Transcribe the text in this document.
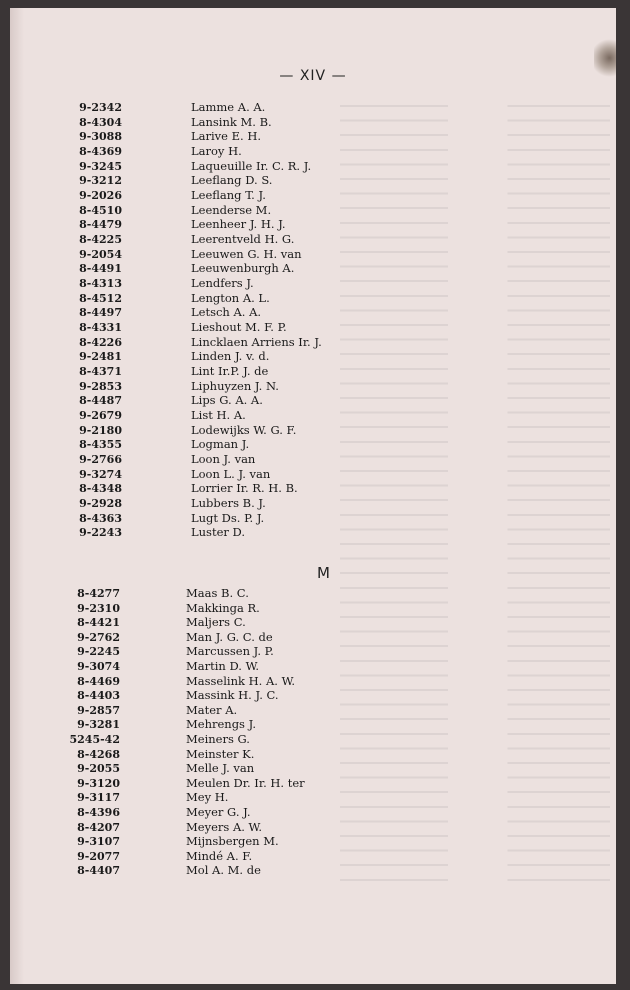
— XIV —
9-2342	Lamme A. A.
8-4304	Lansink M. B.
9-3088	Larive E. H.
8-4369	Laroy H.
9-3245	Laqueuille Ir. C. R. J.
9-3212	Leeflang D. S.
9-2026	Leeflang T. J.
8-4510	Leenderse M.
8-4479	Leenheer J. H. J.
8-4225	Leerentveld H. G.
9-2054	Leeuwen G. H. van
8-4491	Leeuwenburgh A.
8-4313	Lendfers J.
8-4512	Lengton A. L.
8-4497	Letsch A. A.
8-4331	Lieshout M. F. P.
8-4226	Lincklaen Arriens Ir. J.
9-2481	Linden J. v. d.
8-4371	Lint Ir.P. J. de
9-2853	Liphuyzen J. N.
8-4487	Lips G. A. A.
9-2679	List H. A.
9-2180	Lodewijks W. G. F.
8-4355	Logman J.
9-2766	Loon J. van
9-3274	Loon L. J. van
8-4348	Lorrier Ir. R. H. B.
9-2928	Lubbers B. J.
8-4363	Lugt Ds. P. J.
9-2243	Luster D.
8-4277	Maas B. C.
9-2310	Makkinga R.
8-4421	Maljers C.
9-2762	Man J. G. C. de
9-2245	Marcussen J. P.
9-3074	Martin D. W.
8-4469	Masselink H. A. W.
8-4403	Massink H. J. C.
9-2857	Mater A.
9-3281	Mehrengs J.
5245-42	Meiners G.
8-4268	Meinster K.
9-2055	Melle J. van
9-3120	Meulen Dr. Ir. H. ter
9-3117	Mey H.
8-4396	Meyer G. J.
8-4207	Meyers A. W.
9-3107	Mijnsbergen M.
9-2077	Mindé A. F.
8-4407	Mol A. M. de
M
